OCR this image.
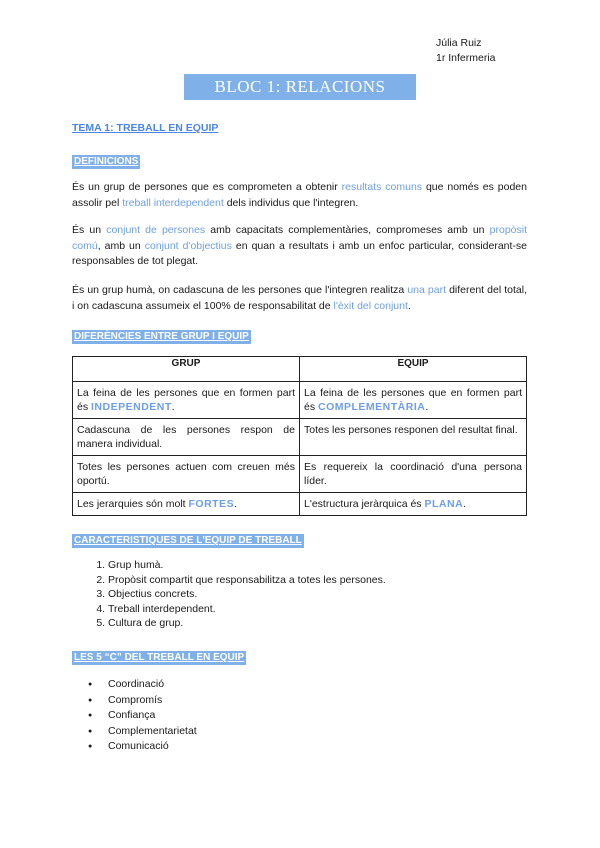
Júlia Ruiz
1r Infermeria
BLOC 1: RELACIONS INTERPERSONALS
TEMA 1: TREBALL EN EQUIP
DEFINICIONS
És un grup de persones que es comprometen a obtenir resultats comuns que només es poden assolir pel treball interdependent dels individus que l'integren.
És un conjunt de persones amb capacitats complementàries, compromeses amb un propòsit comú, amb un conjunt d'objectius en quan a resultats i amb un enfoc particular, considerant-se responsables de tot plegat.
És un grup humà, on cadascuna de les persones que l'integren realitza una part diferent del total, i on cadascuna assumeix el 100% de responsabilitat de l'èxit del conjunt.
DIFERÈNCIES ENTRE GRUP I EQUIP
GRUP	EQUIP
La feina de les persones que en formen part és INDEPENDENT.	La feina de les persones que en formen part és COMPLEMENTÀRIA.
Cadascuna de les persones respon de manera individual.	Totes les persones responen del resultat final.
Totes les persones actuen com creuen més oportú.	Es requereix la coordinació d'una persona líder.
Les jerarquies són molt FORTES.	L'estructura jeràrquica és PLANA.
CARACTERISTIQUES DE L'EQUIP DE TREBALL
1. Grup humà.
2. Propòsit compartit que responsabilitza a totes les persones.
3. Objectius concrets.
4. Treball interdependent.
5. Cultura de grup.
LES 5 “C” DEL TREBALL EN EQUIP
● Coordinació
● Compromís
● Confiança
● Complementarietat
● Comunicació
